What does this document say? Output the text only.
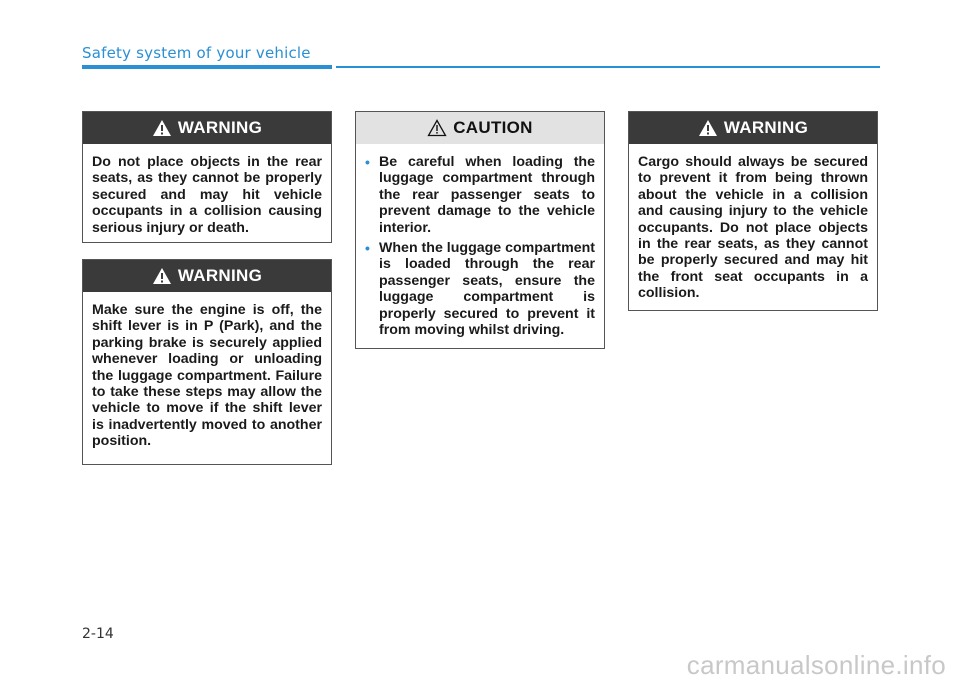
Safety system of your vehicle
WARNING
Do not place objects in the rear seats, as they cannot be properly secured and may hit vehicle occupants in a collision causing serious injury or death.
WARNING
Make sure the engine is off, the shift lever is in P (Park), and the parking brake is securely applied whenever loading or unloading the luggage compartment. Failure to take these steps may allow the vehicle to move if the shift lever is inadvertently moved to another position.
CAUTION
• Be careful when loading the luggage compartment through the rear passenger seats to prevent damage to the vehicle interior.
• When the luggage compartment is loaded through the rear passenger seats, ensure the luggage compartment is properly secured to prevent it from moving whilst driving.
WARNING
Cargo should always be secured to prevent it from being thrown about the vehicle in a collision and causing injury to the vehicle occupants. Do not place objects in the rear seats, as they cannot be properly secured and may hit the front seat occupants in a collision.
2-14
carmanualsonline.info
